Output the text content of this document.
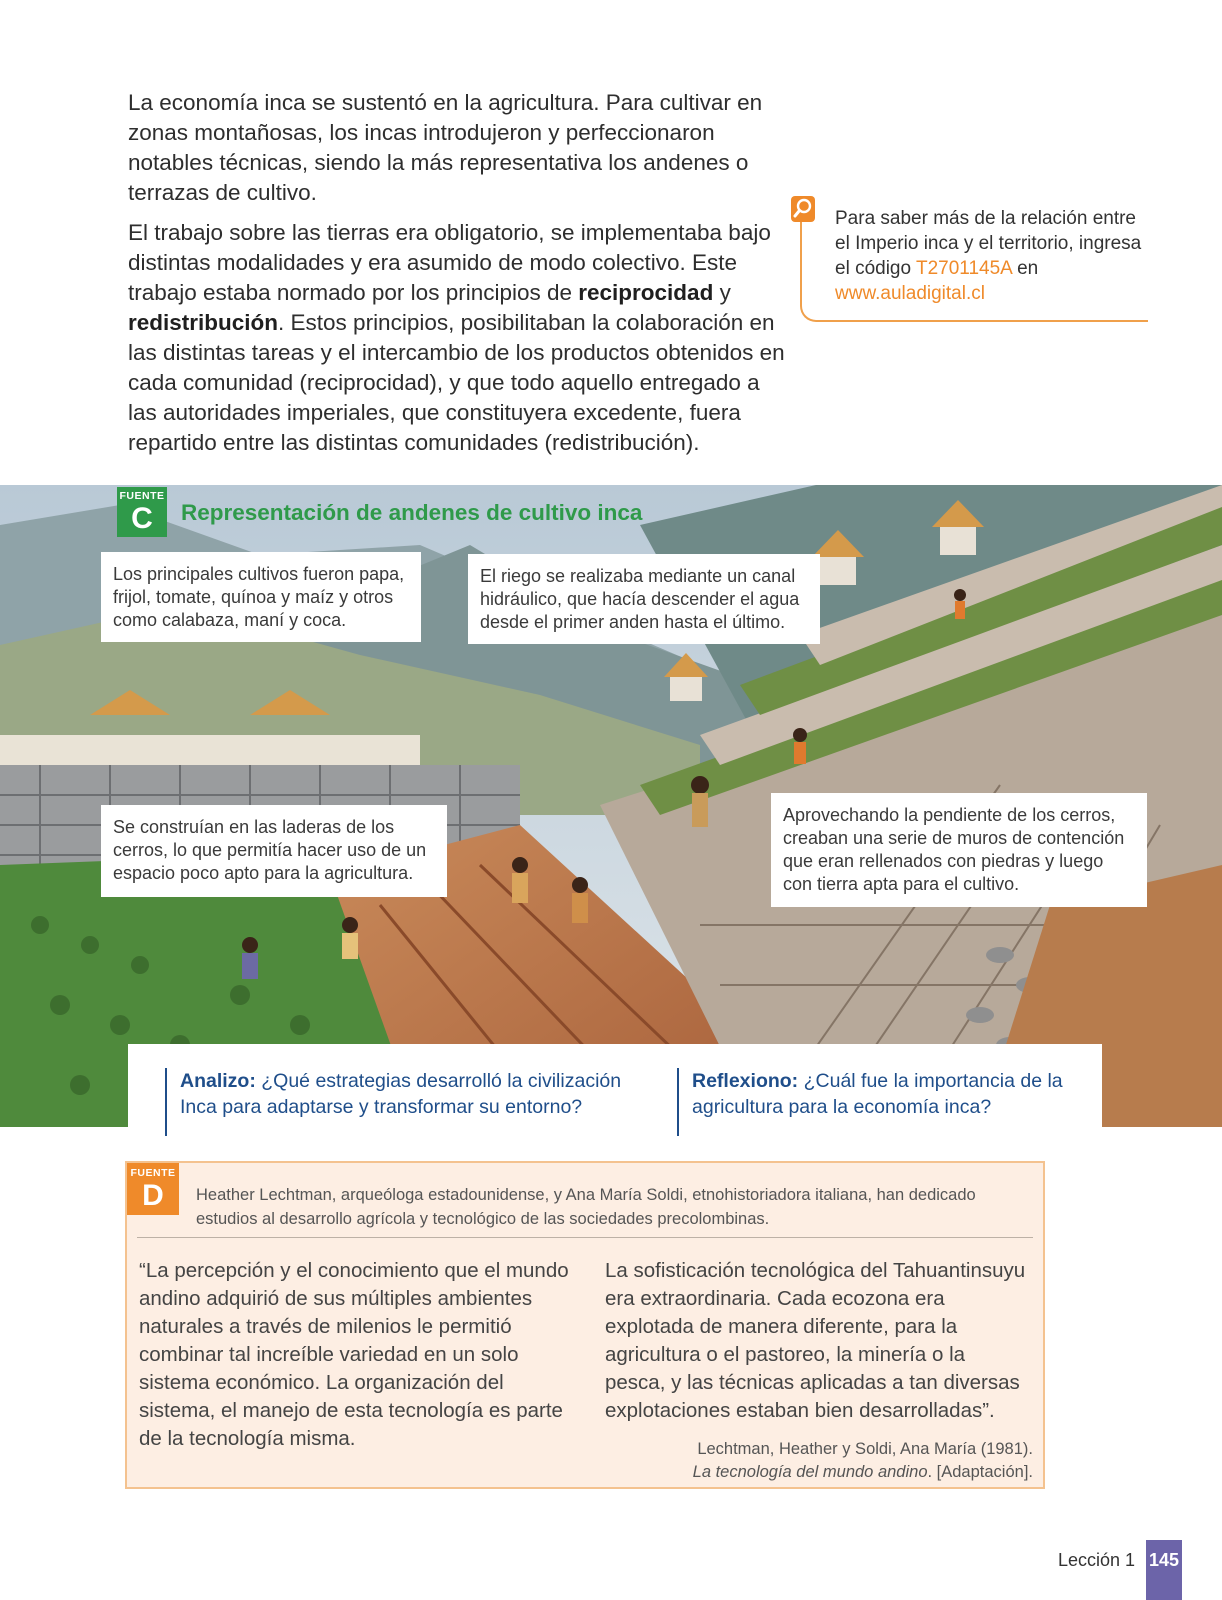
La economía inca se sustentó en la agricultura. Para cultivar en zonas montañosas, los incas introdujeron y perfeccionaron notables técnicas, siendo la más representativa los andenes o terrazas de cultivo.

El trabajo sobre las tierras era obligatorio, se implementaba bajo distintas modalidades y era asumido de modo colectivo. Este trabajo estaba normado por los principios de reciprocidad y redistribución. Estos principios, posibilitaban la colaboración en las distintas tareas y el intercambio de los productos obtenidos en cada comunidad (reciprocidad), y que todo aquello entregado a las autoridades imperiales, que constituyera excedente, fuera repartido entre las distintas comunidades (redistribución).

Para saber más de la relación entre el Imperio inca y el territorio, ingresa el código T2701145A en www.auladigital.cl
FUENTE
C	Representación de andenes de cultivo inca
Los principales cultivos fueron papa, frijol, tomate, quínoa y maíz y otros como calabaza, maní y coca.
El riego se realizaba mediante un canal hidráulico, que hacía descender el agua desde el primer anden hasta el último.
Se construían en las laderas de los cerros, lo que permitía hacer uso de un espacio poco apto para la agricultura.
Aprovechando la pendiente de los cerros, creaban una serie de muros de contención que eran rellenados con piedras y luego con tierra apta para el cultivo.
Analizo: ¿Qué estrategias desarrolló la civilización Inca para adaptarse y transformar su entorno?
Reflexiono: ¿Cuál fue la importancia de la agricultura para la economía inca?
FUENTE
D	Heather Lechtman, arqueóloga estadounidense, y Ana María Soldi, etnohistoriadora italiana, han dedicado estudios al desarrollo agrícola y tecnológico de las sociedades precolombinas.
“La percepción y el conocimiento que el mundo andino adquirió de sus múltiples ambientes naturales a través de milenios le permitió combinar tal increíble variedad en un solo sistema económico. La organización del sistema, el manejo de esta tecnología es parte de la tecnología misma.
La sofisticación tecnológica del Tahuantinsuyu era extraordinaria. Cada ecozona era explotada de manera diferente, para la agricultura o el pastoreo, la minería o la pesca, y las técnicas aplicadas a tan diversas explotaciones estaban bien desarrolladas”.
Lechtman, Heather y Soldi, Ana María (1981).
La tecnología del mundo andino. [Adaptación].
Lección 1 145
